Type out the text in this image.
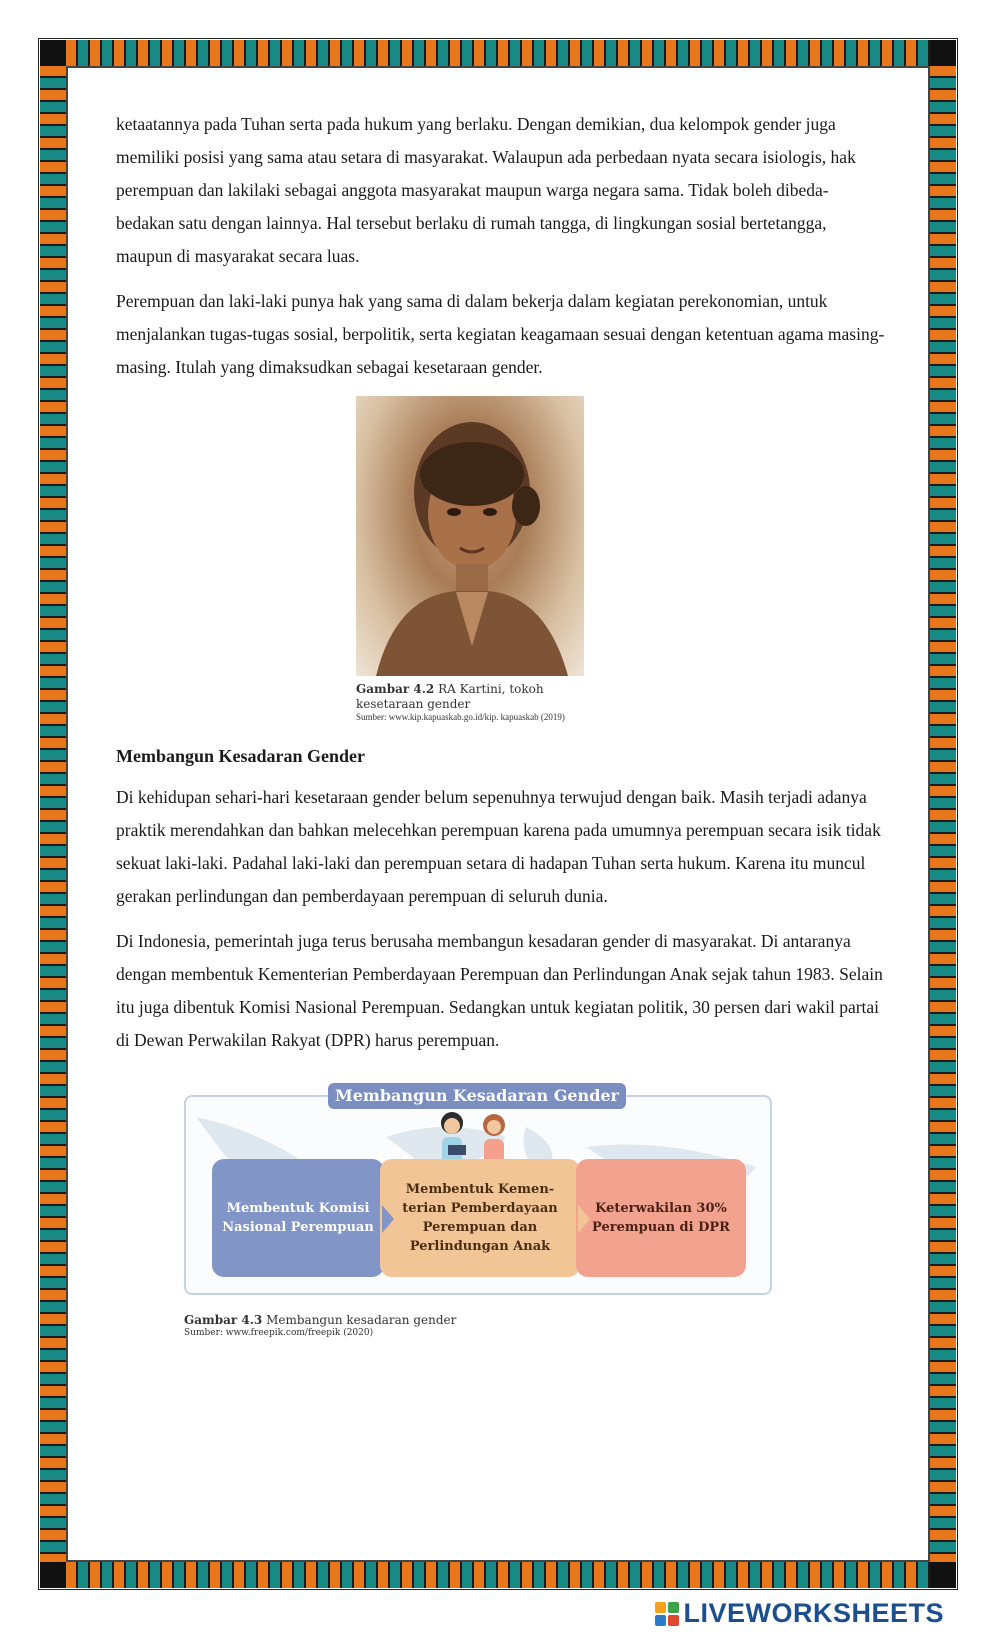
ketaatannya pada Tuhan serta pada hukum yang berlaku. Dengan demikian, dua kelompok gender juga memiliki posisi yang sama atau setara di masyarakat. Walaupun ada perbedaan nyata secara isiologis, hak perempuan dan lakilaki sebagai anggota masyarakat maupun warga negara sama. Tidak boleh dibeda-bedakan satu dengan lainnya. Hal tersebut berlaku di rumah tangga, di lingkungan sosial bertetangga, maupun di masyarakat secara luas.

Perempuan dan laki-laki punya hak yang sama di dalam bekerja dalam kegiatan perekonomian, untuk menjalankan tugas-tugas sosial, berpolitik, serta kegiatan keagamaan sesuai dengan ketentuan agama masing-masing. Itulah yang dimaksudkan sebagai kesetaraan gender.

Gambar 4.2 RA Kartini, tokoh kesetaraan gender
Sumber: www.kip.kapuaskab.go.id/kip. kapuaskab (2019)
Membangun Kesadaran Gender

Di kehidupan sehari-hari kesetaraan gender belum sepenuhnya terwujud dengan baik. Masih terjadi adanya praktik merendahkan dan bahkan melecehkan perempuan karena pada umumnya perempuan secara isik tidak sekuat laki-laki. Padahal laki-laki dan perempuan setara di hadapan Tuhan serta hukum. Karena itu muncul gerakan perlindungan dan pemberdayaan perempuan di seluruh dunia.

Di Indonesia, pemerintah juga terus berusaha membangun kesadaran gender di masyarakat. Di antaranya dengan membentuk Kementerian Pemberdayaan Perempuan dan Perlindungan Anak sejak tahun 1983. Selain itu juga dibentuk Komisi Nasional Perempuan. Sedangkan untuk kegiatan politik, 30 persen dari wakil partai di Dewan Perwakilan Rakyat (DPR) harus perempuan.

Membangun Kesadaran Gender
Membentuk Komisi Nasional Perempuan
Membentuk Kemen- terian Pemberdayaan Perempuan dan Perlindungan Anak
Keterwakilan 30% Perempuan di DPR
Gambar 4.3 Membangun kesadaran gender
Sumber: www.freepik.com/freepik (2020)
LIVEWORKSHEETS
